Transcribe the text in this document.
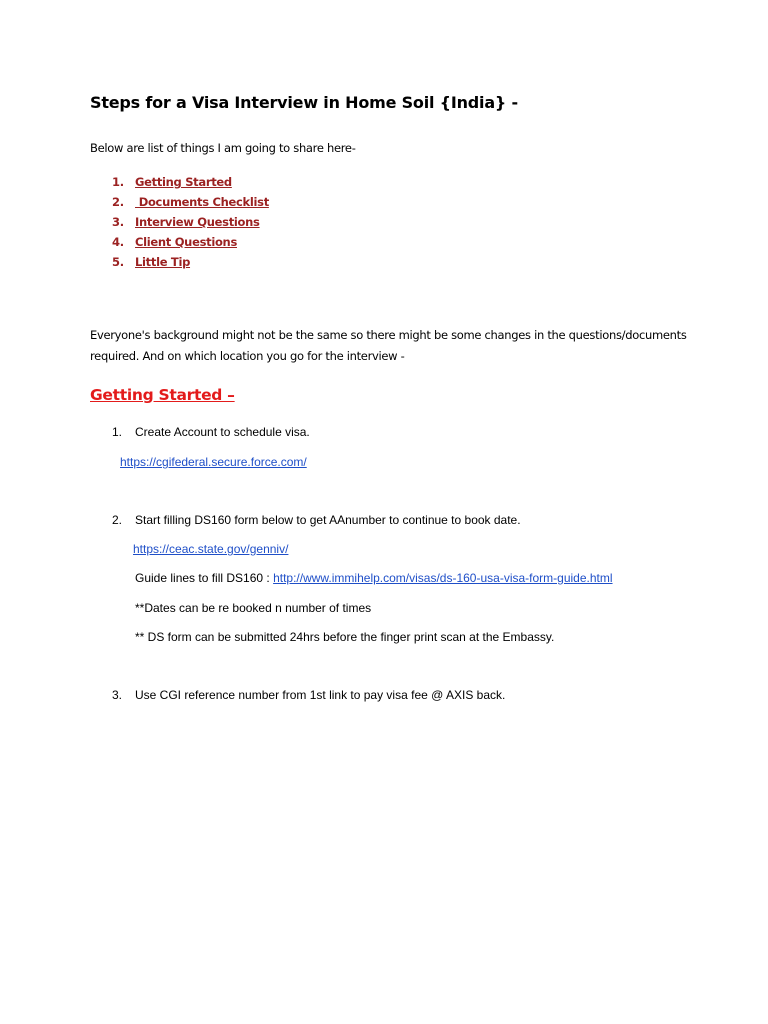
Steps for a Visa Interview in Home Soil {India} -
Below are list of things I am going to share here-
1. Getting Started
2. Documents Checklist
3. Interview Questions
4. Client Questions
5. Little Tip
Everyone's background might not be the same so there might be some changes in the questions/documents required. And on which location you go for the interview -
Getting Started –
1. Create Account to schedule visa.
https://cgifederal.secure.force.com/
2. Start filling DS160 form below to get AAnumber to continue to book date.
https://ceac.state.gov/genniv/
Guide lines to fill DS160 : http://www.immihelp.com/visas/ds-160-usa-visa-form-guide.html
**Dates can be re booked n number of times
** DS form can be submitted 24hrs before the finger print scan at the Embassy.
3. Use CGI reference number from 1st link to pay visa fee @ AXIS back.
